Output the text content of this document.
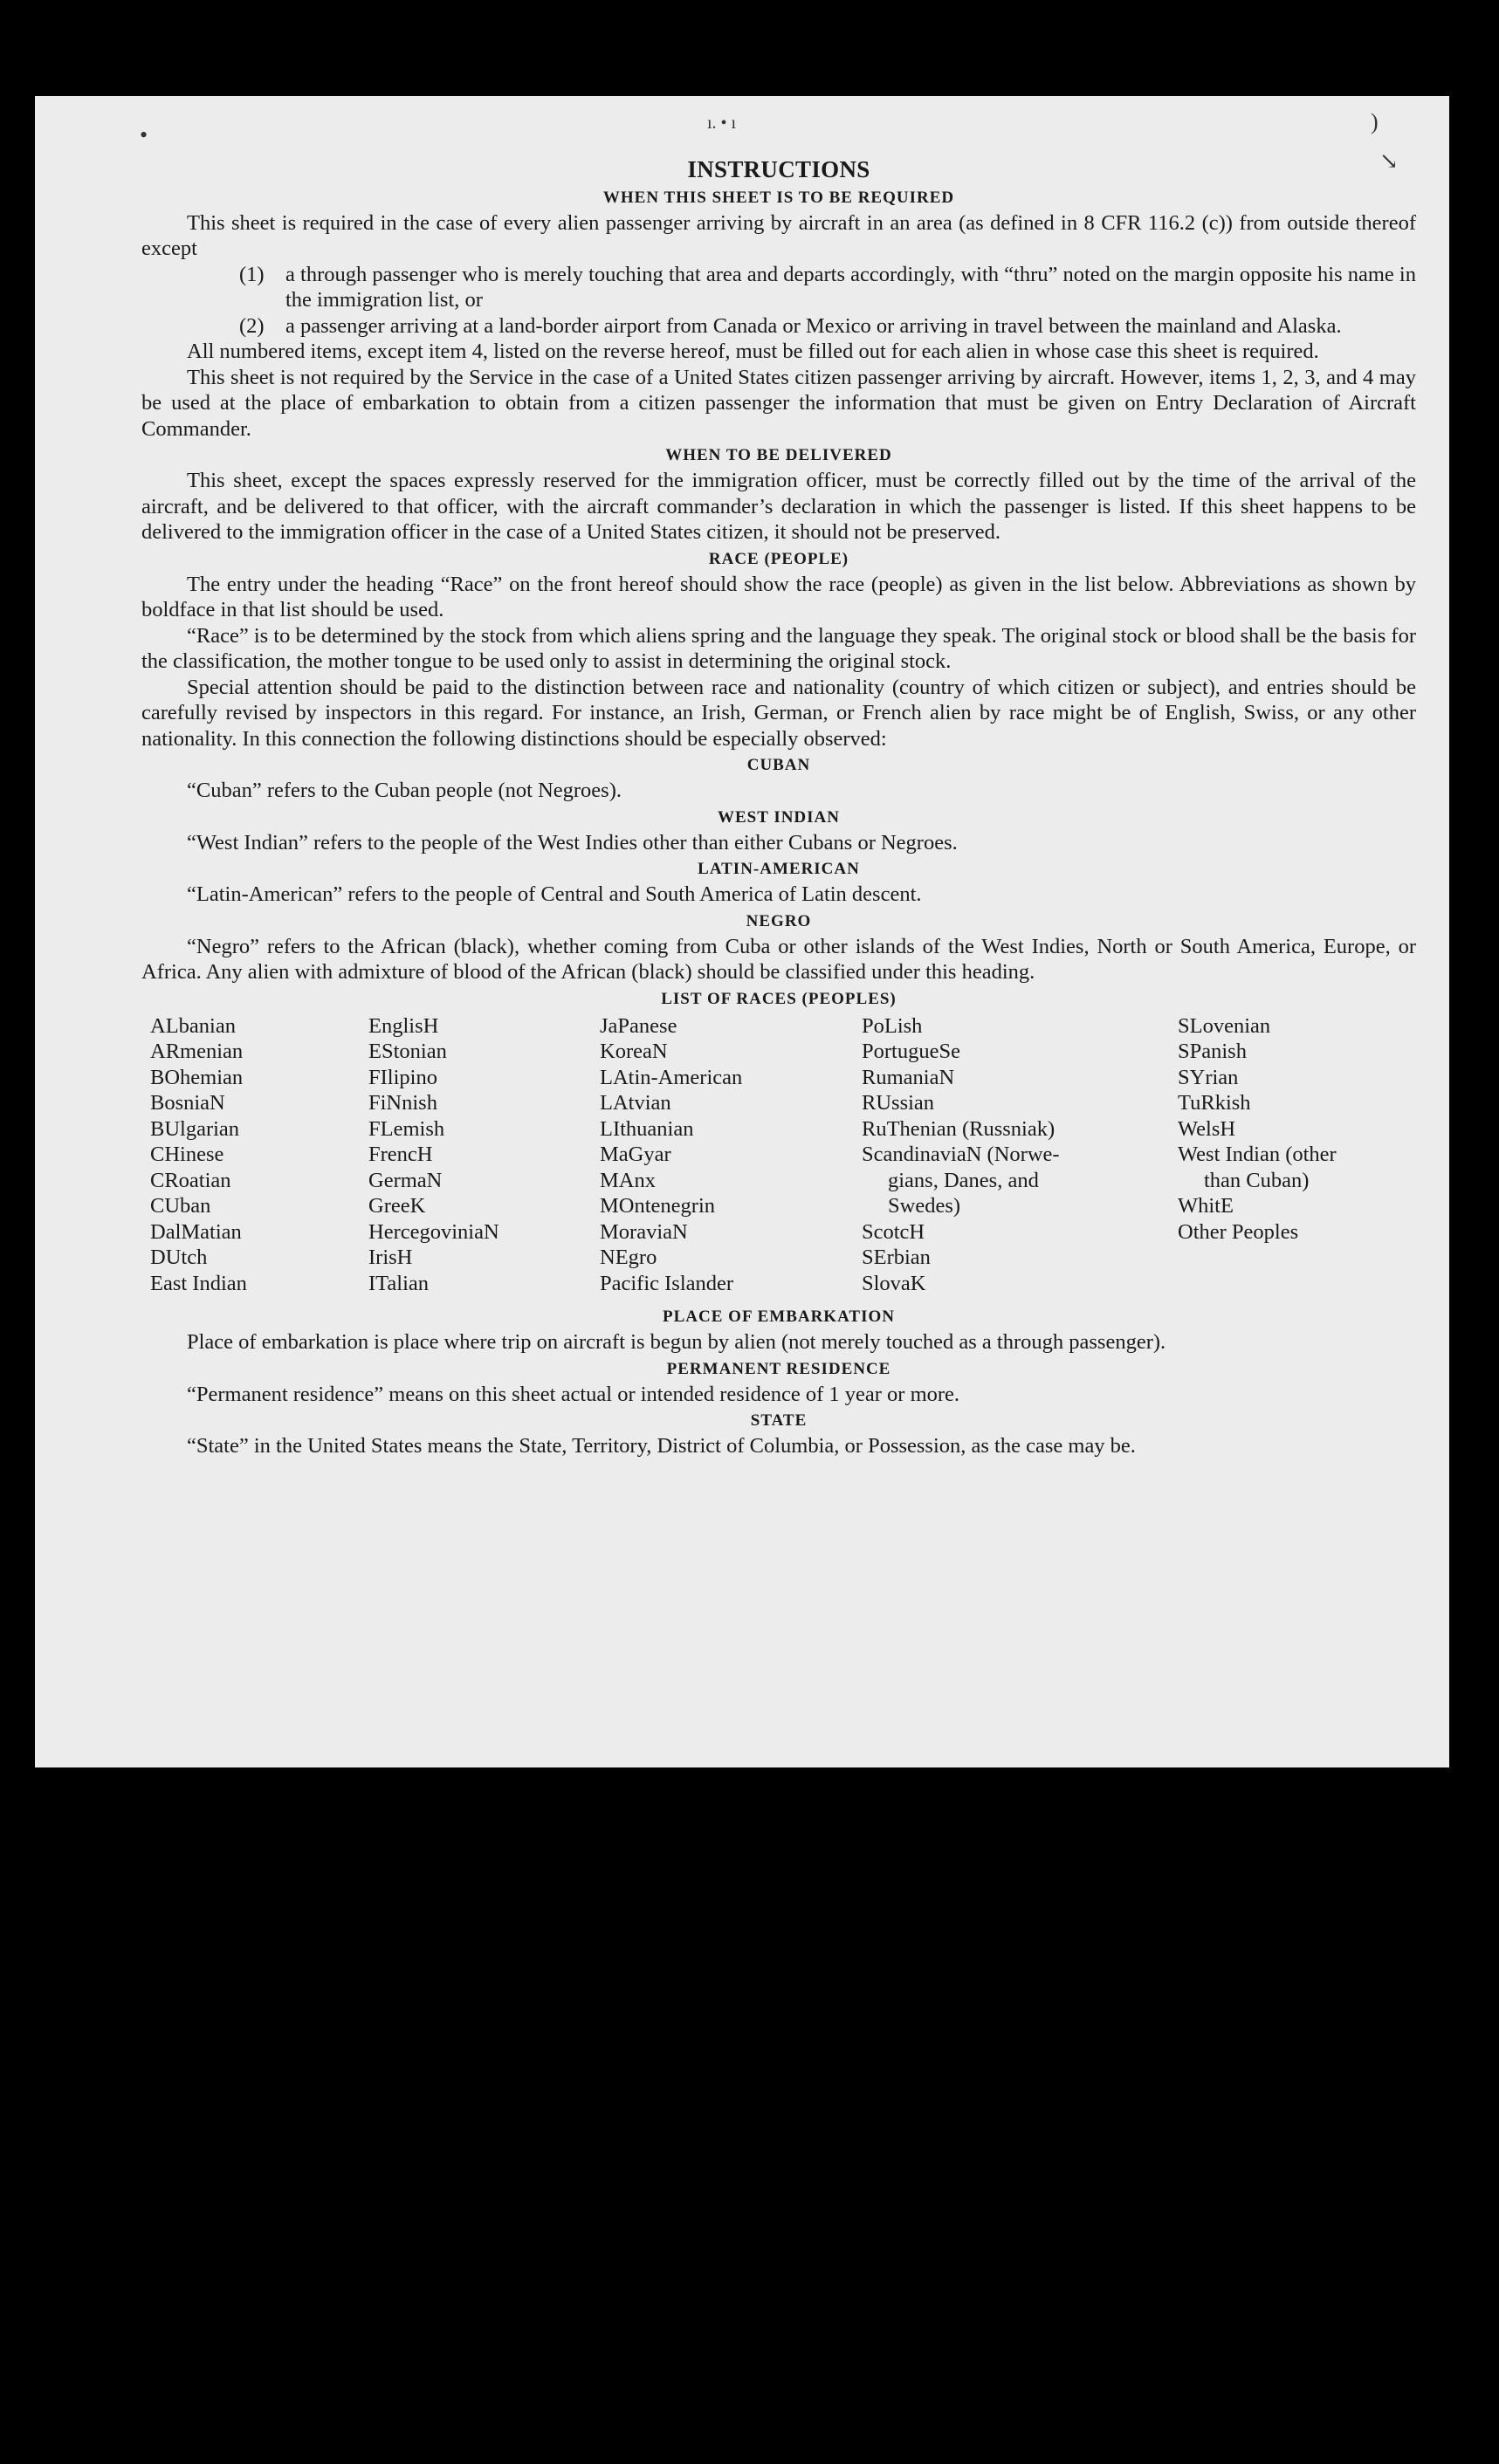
•	ı. • ı	)
↘
INSTRUCTIONS
WHEN THIS SHEET IS TO BE REQUIRED

This sheet is required in the case of every alien passenger arriving by aircraft in an area (as defined in 8 CFR 116.2 (c)) from outside thereof except

(1) a through passenger who is merely touching that area and departs accordingly, with “thru” noted on the margin opposite his name in the immigration list, or

(2) a passenger arriving at a land-border airport from Canada or Mexico or arriving in travel between the mainland and Alaska.

All numbered items, except item 4, listed on the reverse hereof, must be filled out for each alien in whose case this sheet is required.

This sheet is not required by the Service in the case of a United States citizen passenger arriving by aircraft. However, items 1, 2, 3, and 4 may be used at the place of embarkation to obtain from a citizen passenger the information that must be given on Entry Declaration of Aircraft Commander.

WHEN TO BE DELIVERED

This sheet, except the spaces expressly reserved for the immigration officer, must be correctly filled out by the time of the arrival of the aircraft, and be delivered to that officer, with the aircraft commander’s declaration in which the passenger is listed. If this sheet happens to be delivered to the immigration officer in the case of a United States citizen, it should not be preserved.

RACE (PEOPLE)

The entry under the heading “Race” on the front hereof should show the race (people) as given in the list below. Abbreviations as shown by boldface in that list should be used.

“Race” is to be determined by the stock from which aliens spring and the language they speak. The original stock or blood shall be the basis for the classification, the mother tongue to be used only to assist in determining the original stock.

Special attention should be paid to the distinction between race and nationality (country of which citizen or subject), and entries should be carefully revised by inspectors in this regard. For instance, an Irish, German, or French alien by race might be of English, Swiss, or any other nationality. In this connection the following distinctions should be especially observed:

CUBAN

“Cuban” refers to the Cuban people (not Negroes).

WEST INDIAN

“West Indian” refers to the people of the West Indies other than either Cubans or Negroes.

LATIN-AMERICAN

“Latin-American” refers to the people of Central and South America of Latin descent.

NEGRO

“Negro” refers to the African (black), whether coming from Cuba or other islands of the West Indies, North or South America, Europe, or Africa. Any alien with admixture of blood of the African (black) should be classified under this heading.

LIST OF RACES (PEOPLES)
ALbanian
ARmenian
BOhemian
BosniaN
BUlgarian
CHinese
CRoatian
CUban
DalMatian
DUtch
East Indian
EnglisH
EStonian
FIlipino
FiNnish
FLemish
FrencH
GermaN
GreeK
HercegoviniaN
IrisH
ITalian
JaPanese
KoreaN
LAtin-American
LAtvian
LIthuanian
MaGyar
MAnx
MOntenegrin
MoraviaN
NEgro
Pacific Islander
PoLish
PortugueSe
RumaniaN
RUssian
RuThenian (Russniak)
ScandinaviaN (Norwe-
gians, Danes, and
Swedes)
ScotcH
SErbian
SlovaK
SLovenian
SPanish
SYrian
TuRkish
WelsH
West Indian (other
than Cuban)
WhitE
Other Peoples
PLACE OF EMBARKATION

Place of embarkation is place where trip on aircraft is begun by alien (not merely touched as a through passenger).

PERMANENT RESIDENCE

“Permanent residence” means on this sheet actual or intended residence of 1 year or more.

STATE

“State” in the United States means the State, Territory, District of Columbia, or Possession, as the case may be.
